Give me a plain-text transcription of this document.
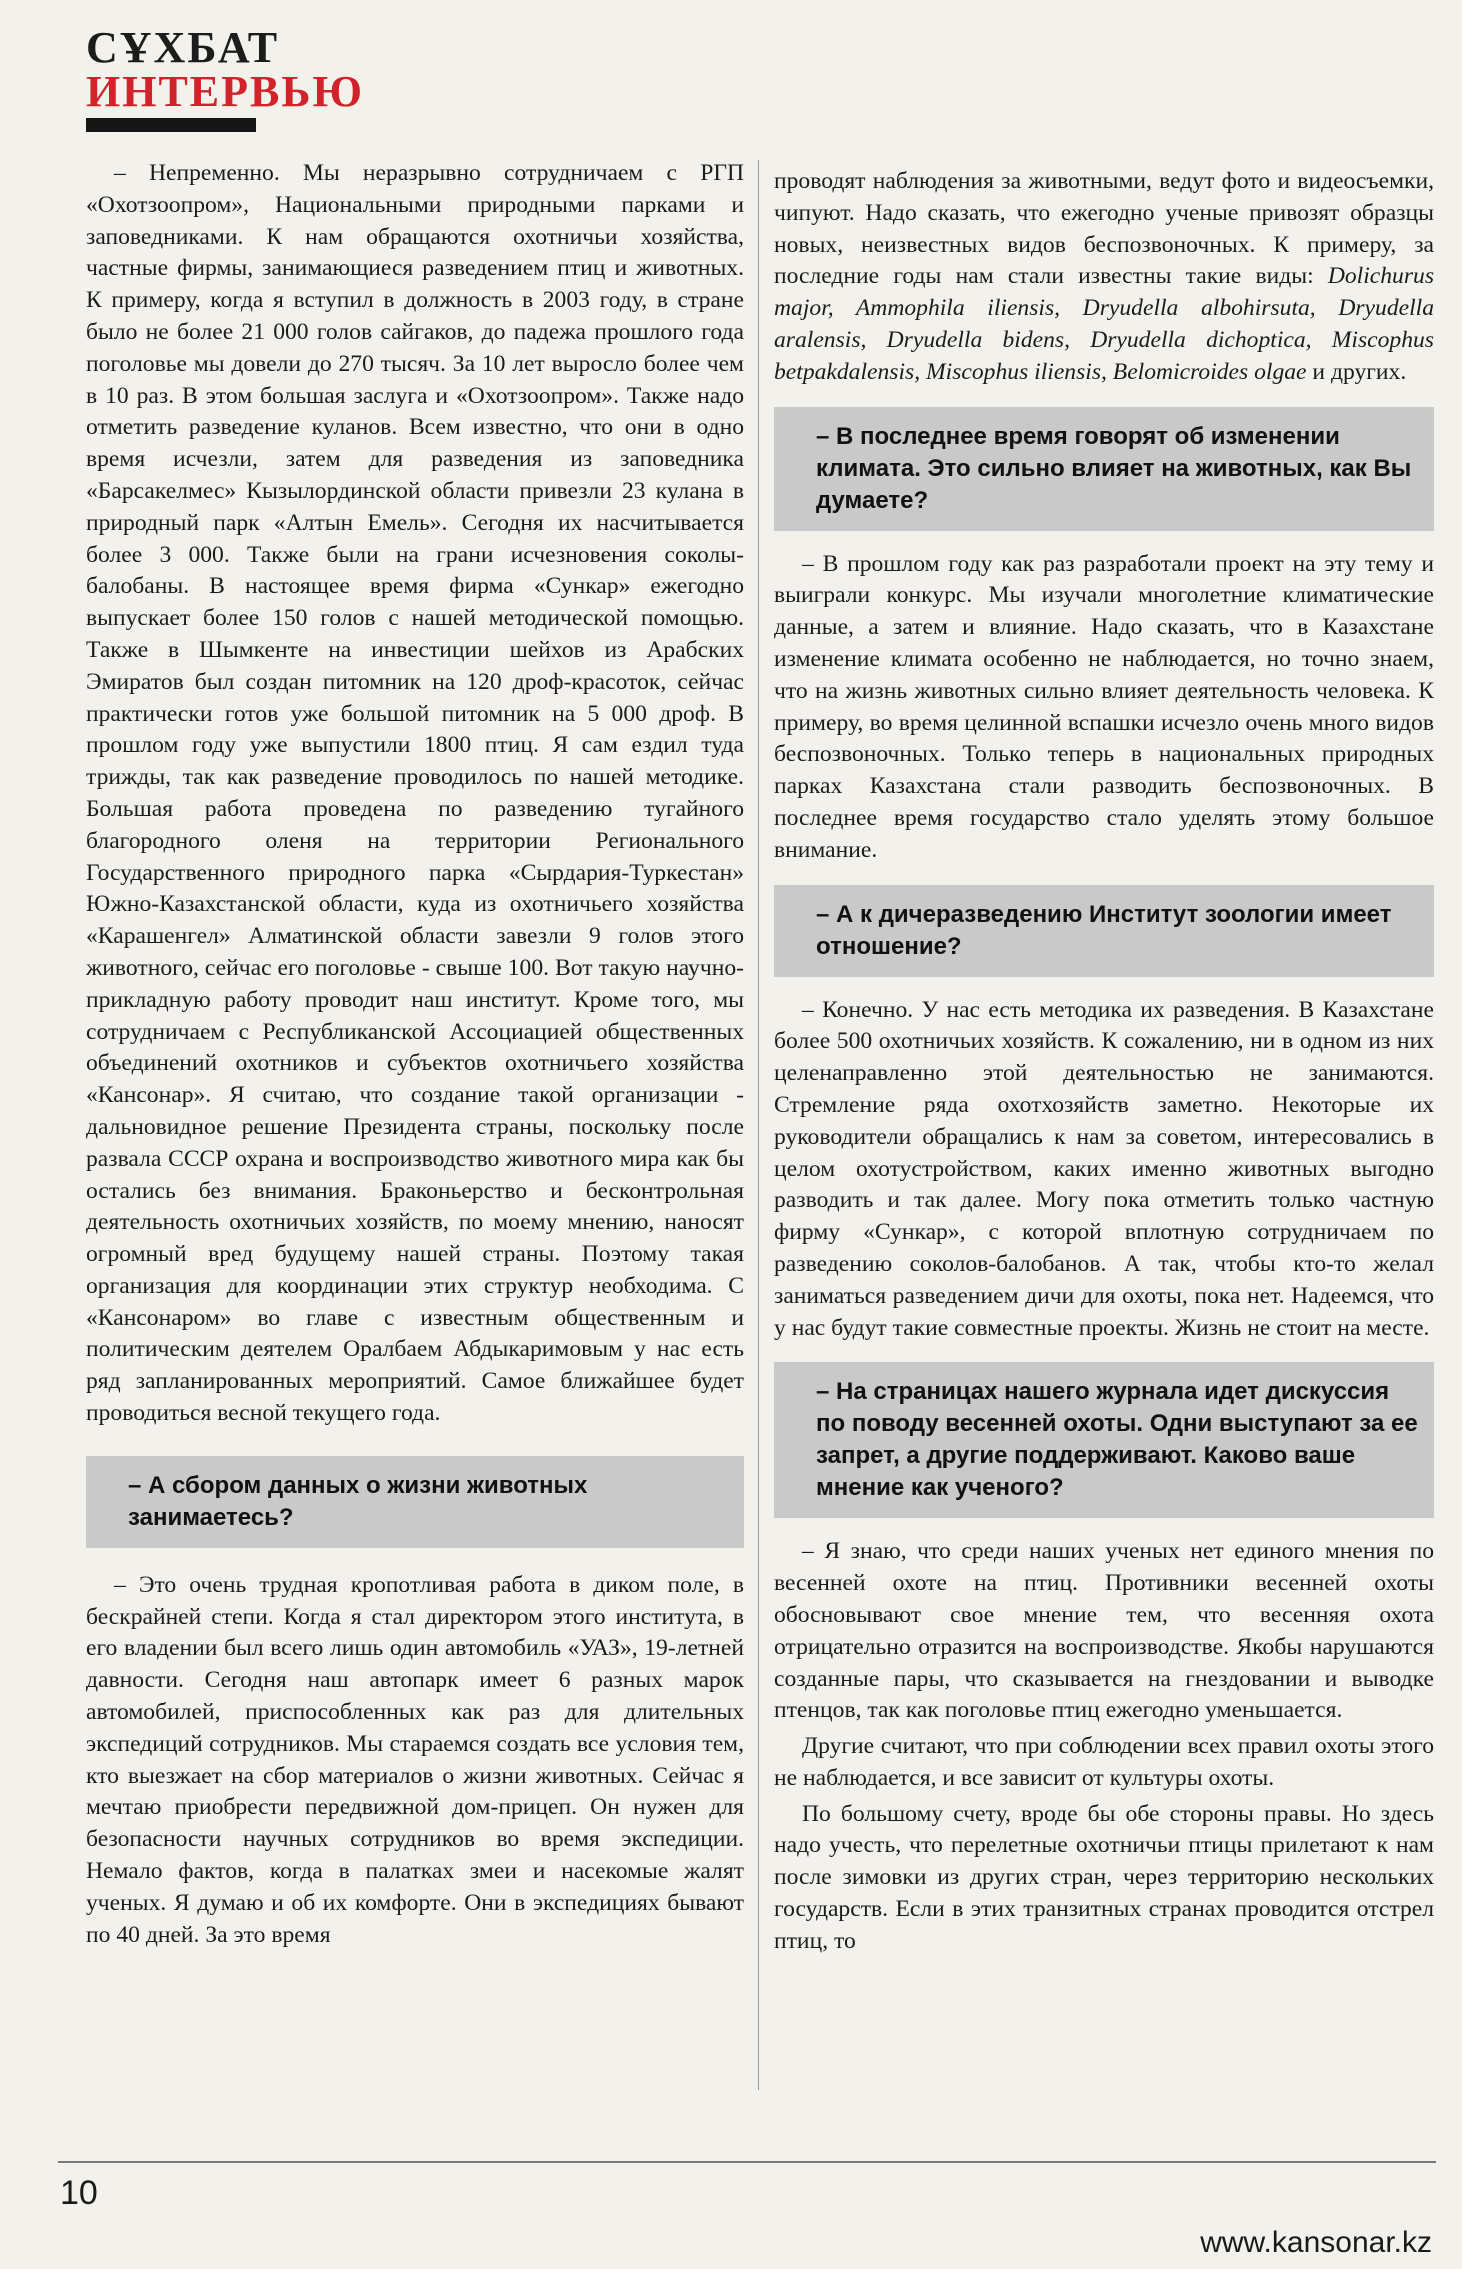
СҰХБАТ
ИНТЕРВЬЮ

– Непременно. Мы неразрывно сотрудничаем с РГП «Охотзоопром», Национальными природными парками и заповедниками. К нам обращаются охотничьи хозяйства, частные фирмы, занимающиеся разведением птиц и животных. К примеру, когда я вступил в должность в 2003 году, в стране было не более 21 000 голов сайгаков, до падежа прошлого года поголовье мы довели до 270 тысяч. За 10 лет выросло более чем в 10 раз. В этом большая заслуга и «Охотзоопром». Также надо отметить разведение куланов. Всем известно, что они в одно время исчезли, затем для разведения из заповедника «Барсакелмес» Кызылординской области привезли 23 кулана в природный парк «Алтын Емель». Сегодня их насчитывается более 3 000. Также были на грани исчезновения соколы-балобаны. В настоящее время фирма «Сункар» ежегодно выпускает более 150 голов с нашей методической помощью. Также в Шымкенте на инвестиции шейхов из Арабских Эмиратов был создан питомник на 120 дроф-красоток, сейчас практически готов уже большой питомник на 5 000 дроф. В прошлом году уже выпустили 1800 птиц. Я сам ездил туда трижды, так как разведение проводилось по нашей методике. Большая работа проведена по разведению тугайного благородного оленя на территории Регионального Государственного природного парка «Сырдария-Туркестан» Южно-Казахстанской области, куда из охотничьего хозяйства «Карашенгел» Алматинской области завезли 9 голов этого животного, сейчас его поголовье - свыше 100. Вот такую научно-прикладную работу проводит наш институт. Кроме того, мы сотрудничаем с Республиканской Ассоциацией общественных объединений охотников и субъектов охотничьего хозяйства «Кансонар». Я считаю, что создание такой организации - дальновидное решение Президента страны, поскольку после развала СССР охрана и воспроизводство животного мира как бы остались без внимания. Браконьерство и бесконтрольная деятельность охотничьих хозяйств, по моему мнению, наносят огромный вред будущему нашей страны. Поэтому такая организация для координации этих структур необходима. С «Кансонаром» во главе с известным общественным и политическим деятелем Оралбаем Абдыкаримовым у нас есть ряд запланированных мероприятий. Самое ближайшее будет проводиться весной текущего года.

– А сбором данных о жизни животных занимаетесь?

– Это очень трудная кропотливая работа в диком поле, в бескрайней степи. Когда я стал директором этого института, в его владении был всего лишь один автомобиль «УАЗ», 19-летней давности. Сегодня наш автопарк имеет 6 разных марок автомобилей, приспособленных как раз для длительных экспедиций сотрудников. Мы стараемся создать все условия тем, кто выезжает на сбор материалов о жизни животных. Сейчас я мечтаю приобрести передвижной дом-прицеп. Он нужен для безопасности научных сотрудников во время экспедиции. Немало фактов, когда в палатках змеи и насекомые жалят ученых. Я думаю и об их комфорте. Они в экспедициях бывают по 40 дней. За это время

проводят наблюдения за животными, ведут фото и видеосъемки, чипуют. Надо сказать, что ежегодно ученые привозят образцы новых, неизвестных видов беспозвоночных. К примеру, за последние годы нам стали известны такие виды: Dolichurus major, Ammophila iliensis, Dryudella albohirsuta, Dryudella aralensis, Dryudella bidens, Dryudella dichoptica, Miscophus betpakdalensis, Miscophus iliensis, Belomicroides olgae и других.

– В последнее время говорят об изменении климата. Это сильно влияет на животных, как Вы думаете?

– В прошлом году как раз разработали проект на эту тему и выиграли конкурс. Мы изучали многолетние климатические данные, а затем и влияние. Надо сказать, что в Казахстане изменение климата особенно не наблюдается, но точно знаем, что на жизнь животных сильно влияет деятельность человека. К примеру, во время целинной вспашки исчезло очень много видов беспозвоночных. Только теперь в национальных природных парках Казахстана стали разводить беспозвоночных. В последнее время государство стало уделять этому большое внимание.

– А к дичеразведению Институт зоологии имеет отношение?

– Конечно. У нас есть методика их разведения. В Казахстане более 500 охотничьих хозяйств. К сожалению, ни в одном из них целенаправленно этой деятельностью не занимаются. Стремление ряда охотхозяйств заметно. Некоторые их руководители обращались к нам за советом, интересовались в целом охотустройством, каких именно животных выгодно разводить и так далее. Могу пока отметить только частную фирму «Сункар», с которой вплотную сотрудничаем по разведению соколов-балобанов. А так, чтобы кто-то желал заниматься разведением дичи для охоты, пока нет. Надеемся, что у нас будут такие совместные проекты. Жизнь не стоит на месте.

– На страницах нашего журнала идет дискуссия по поводу весенней охоты. Одни выступают за ее запрет, а другие поддерживают. Каково ваше мнение как ученого?

– Я знаю, что среди наших ученых нет единого мнения по весенней охоте на птиц. Противники весенней охоты обосновывают свое мнение тем, что весенняя охота отрицательно отразится на воспроизводстве. Якобы нарушаются созданные пары, что сказывается на гнездовании и выводке птенцов, так как поголовье птиц ежегодно уменьшается.

Другие считают, что при соблюдении всех правил охоты этого не наблюдается, и все зависит от культуры охоты.

По большому счету, вроде бы обе стороны правы. Но здесь надо учесть, что перелетные охотничьи птицы прилетают к нам после зимовки из других стран, через территорию нескольких государств. Если в этих транзитных странах проводится отстрел птиц, то

10
www.kansonar.kz
